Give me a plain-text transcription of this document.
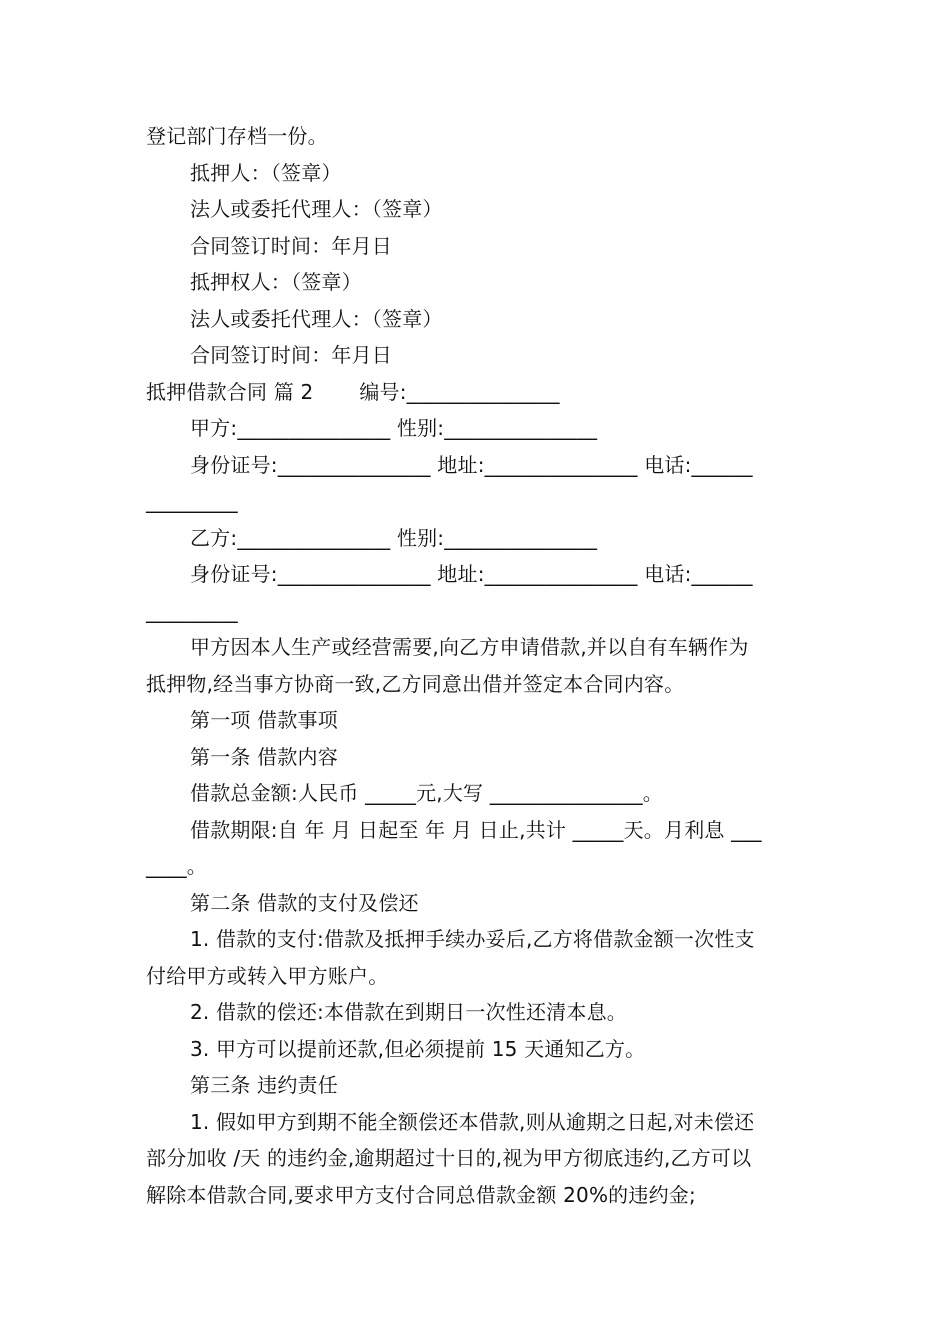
登记部门存档一份。
抵押人：（签章）
法人或委托代理人：（签章）
合同签订时间：年月日
抵押权人：（签章）
法人或委托代理人：（签章）
合同签订时间：年月日
抵押借款合同 篇 2       编号:_______________
甲方:_______________ 性别:_______________
身份证号:_______________ 地址:_______________ 电话:______
_________
乙方:_______________ 性别:_______________
身份证号:_______________ 地址:_______________ 电话:______
_________
甲方因本人生产或经营需要,向乙方申请借款,并以自有车辆作为
抵押物,经当事方协商一致,乙方同意出借并签定本合同内容。
第一项 借款事项
第一条 借款内容
借款总金额:人民币 _____元,大写 _______________。
借款期限:自 年 月 日起至 年 月 日止,共计 _____天。月利息 ___
____。
第二条 借款的支付及偿还
1. 借款的支付:借款及抵押手续办妥后,乙方将借款金额一次性支
付给甲方或转入甲方账户。
2. 借款的偿还:本借款在到期日一次性还清本息。
3. 甲方可以提前还款,但必须提前 15 天通知乙方。
第三条 违约责任
1. 假如甲方到期不能全额偿还本借款,则从逾期之日起,对未偿还
部分加收 /天 的违约金,逾期超过十日的,视为甲方彻底违约,乙方可以
解除本借款合同,要求甲方支付合同总借款金额 20%的违约金;
